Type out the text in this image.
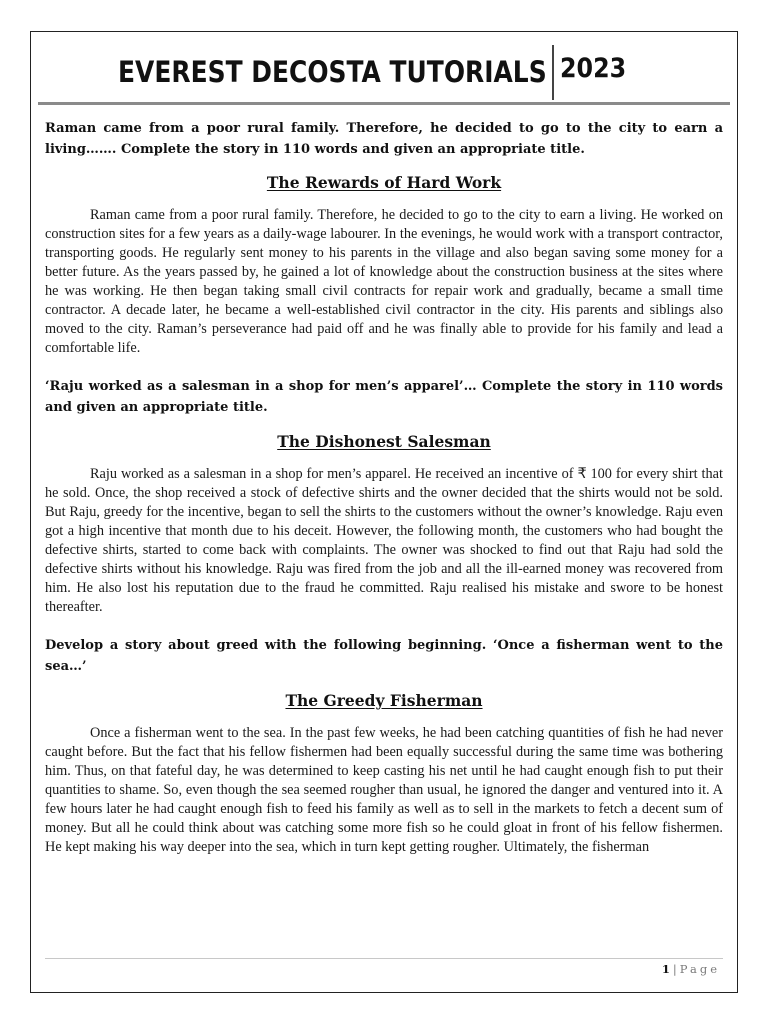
EVEREST DECOSTA TUTORIALS 2023

Raman came from a poor rural family. Therefore, he decided to go to the city to earn a living……. Complete the story in 110 words and given an appropriate title.

The Rewards of Hard Work

Raman came from a poor rural family. Therefore, he decided to go to the city to earn a living. He worked on construction sites for a few years as a daily-wage labourer. In the evenings, he would work with a transport contractor, transporting goods. He regularly sent money to his parents in the village and also began saving some money for a better future. As the years passed by, he gained a lot of knowledge about the construction business at the sites where he was working. He then began taking small civil contracts for repair work and gradually, became a small time contractor. A decade later, he became a well-established civil contractor in the city. His parents and siblings also moved to the city. Raman’s perseverance had paid off and he was finally able to provide for his family and lead a comfortable life.

‘Raju worked as a salesman in a shop for men’s apparel’… Complete the story in 110 words and given an appropriate title.

The Dishonest Salesman

Raju worked as a salesman in a shop for men’s apparel. He received an incentive of ₹ 100 for every shirt that he sold. Once, the shop received a stock of defective shirts and the owner decided that the shirts would not be sold. But Raju, greedy for the incentive, began to sell the shirts to the customers without the owner’s knowledge. Raju even got a high incentive that month due to his deceit. However, the following month, the customers who had bought the defective shirts, started to come back with complaints. The owner was shocked to find out that Raju had sold the defective shirts without his knowledge. Raju was fired from the job and all the ill-earned money was recovered from him. He also lost his reputation due to the fraud he committed. Raju realised his mistake and swore to be honest thereafter.

Develop a story about greed with the following beginning. ‘Once a fisherman went to the sea…’

The Greedy Fisherman

Once a fisherman went to the sea. In the past few weeks, he had been catching quantities of fish he had never caught before. But the fact that his fellow fishermen had been equally successful during the same time was bothering him. Thus, on that fateful day, he was determined to keep casting his net until he had caught enough fish to put their quantities to shame. So, even though the sea seemed rougher than usual, he ignored the danger and ventured into it. A few hours later he had caught enough fish to feed his family as well as to sell in the markets to fetch a decent sum of money. But all he could think about was catching some more fish so he could gloat in front of his fellow fishermen. He kept making his way deeper into the sea, which in turn kept getting rougher. Ultimately, the fisherman

1 | Page
